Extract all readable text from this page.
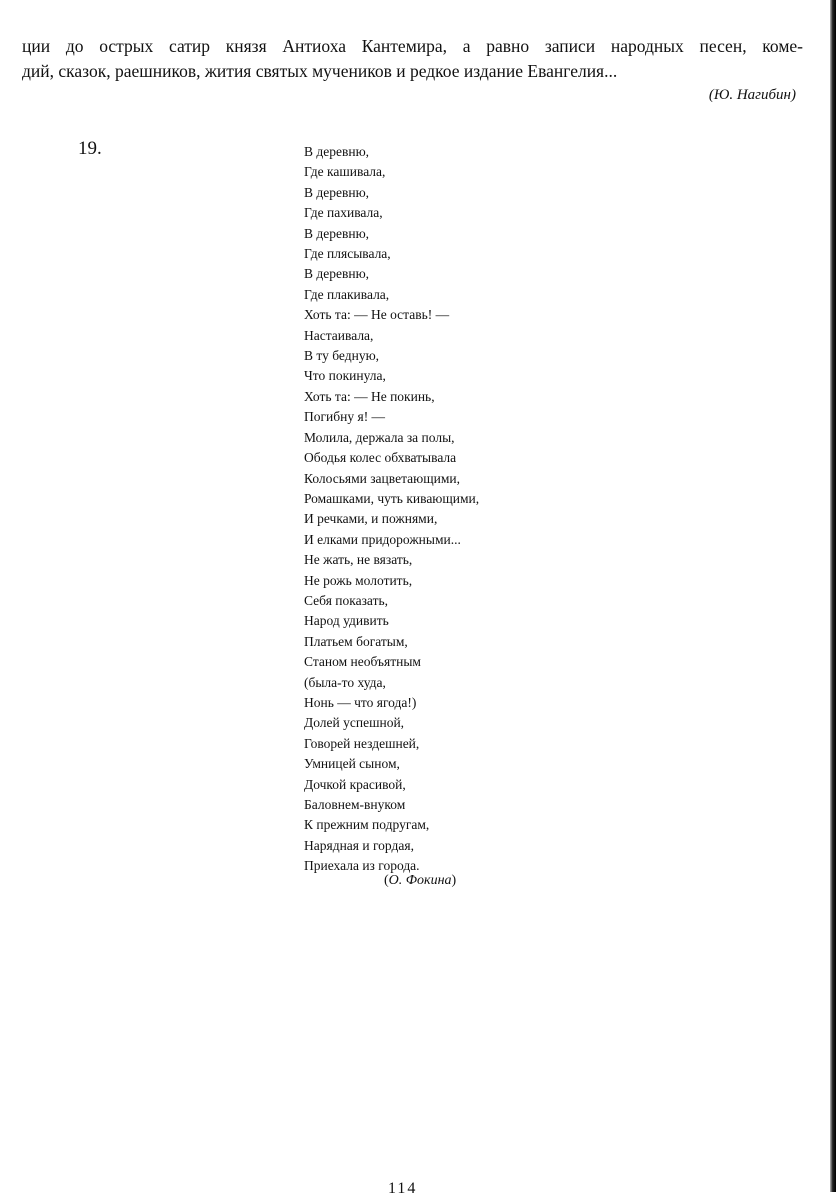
ции до острых сатир князя Антиоха Кантемира, а равно записи народных песен, коме-
дий, сказок, раешников, жития святых мучеников и редкое издание Евангелия...
(Ю. Нагибин)
19.	В деревню,
Где кашивала,
В деревню,
Где пахивала,
В деревню,
Где плясывала,
В деревню,
Где плакивала,
Хоть та: — Не оставь! —
Настаивала,
В ту бедную,
Что покинула,
Хоть та: — Не покинь,
Погибну я! —
Молила, держала за полы,
Ободья колес обхватывала
Колосьями зацветающими,
Ромашками, чуть кивающими,
И речками, и пожнями,
И елками придорожными...
Не жать, не вязать,
Не рожь молотить,
Себя показать,
Народ удивить
Платьем богатым,
Станом необъятным
(была-то худа,
Нонь — что ягода!)
Долей успешной,
Говорей нездешней,
Умницей сыном,
Дочкой красивой,
Баловнем-внуком
К прежним подругам,
Нарядная и гордая,
Приехала из города.
(О. Фокина)
114
